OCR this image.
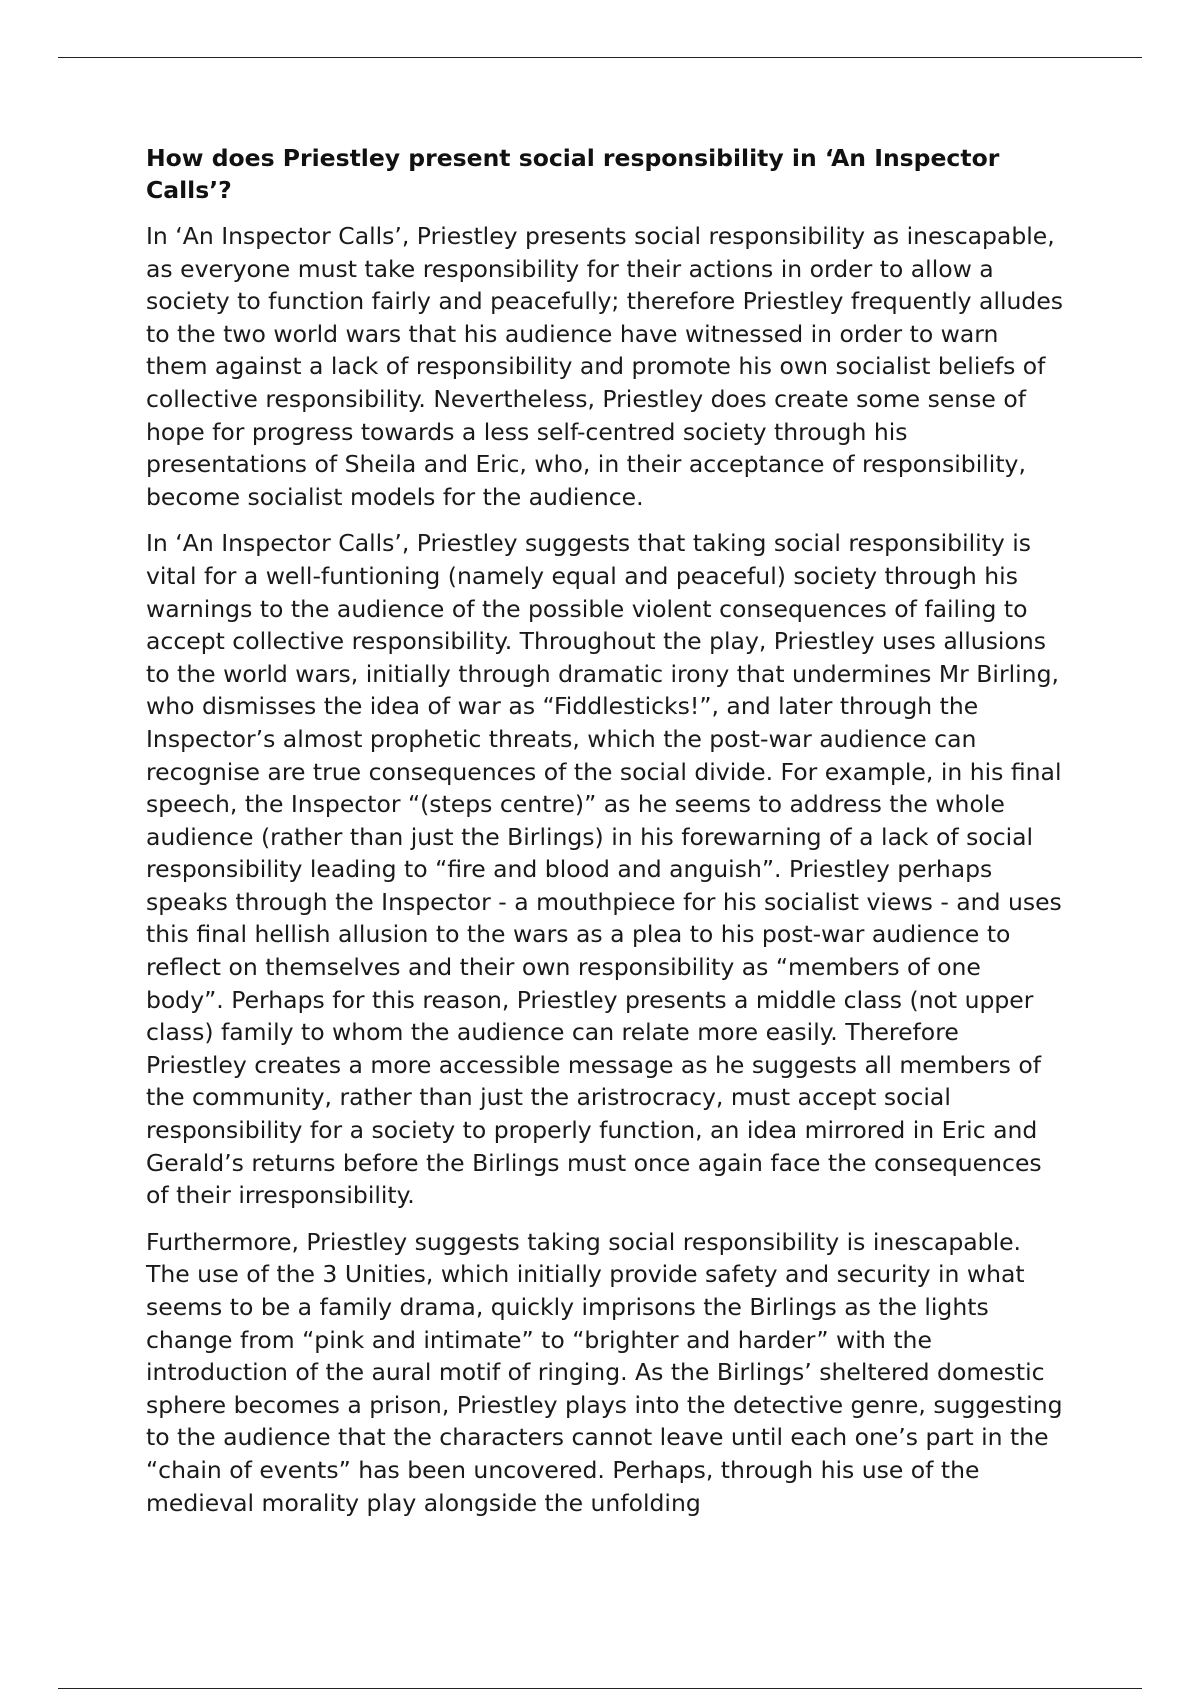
How does Priestley present social responsibility in ‘An Inspector Calls’?

In ‘An Inspector Calls’, Priestley presents social responsibility as inescapable, as everyone must take responsibility for their actions in order to allow a society to function fairly and peacefully; therefore Priestley frequently alludes to the two world wars that his audience have witnessed in order to warn them against a lack of responsibility and promote his own socialist beliefs of collective responsibility. Nevertheless, Priestley does create some sense of hope for progress towards a less self-centred society through his presentations of Sheila and Eric, who, in their acceptance of responsibility, become socialist models for the audience.

In ‘An Inspector Calls’, Priestley suggests that taking social responsibility is vital for a well-funtioning (namely equal and peaceful) society through his warnings to the audience of the possible violent consequences of failing to accept collective responsibility. Throughout the play, Priestley uses allusions to the world wars, initially through dramatic irony that undermines Mr Birling, who dismisses the idea of war as “Fiddlesticks!”, and later through the Inspector’s almost prophetic threats, which the post-war audience can recognise are true consequences of the social divide. For example, in his final speech, the Inspector “(steps centre)” as he seems to address the whole audience (rather than just the Birlings) in his forewarning of a lack of social responsibility leading to “fire and blood and anguish”. Priestley perhaps speaks through the Inspector - a mouthpiece for his socialist views - and uses this final hellish allusion to the wars as a plea to his post-war audience to reflect on themselves and their own responsibility as “members of one body”. Perhaps for this reason, Priestley presents a middle class (not upper class) family to whom the audience can relate more easily. Therefore Priestley creates a more accessible message as he suggests all members of the community, rather than just the aristrocracy, must accept social responsibility for a society to properly function, an idea mirrored in Eric and Gerald’s returns before the Birlings must once again face the consequences of their irresponsibility.

Furthermore, Priestley suggests taking social responsibility is inescapable. The use of the 3 Unities, which initially provide safety and security in what seems to be a family drama, quickly imprisons the Birlings as the lights change from “pink and intimate” to “brighter and harder” with the introduction of the aural motif of ringing. As the Birlings’ sheltered domestic sphere becomes a prison, Priestley plays into the detective genre, suggesting to the audience that the characters cannot leave until each one’s part in the “chain of events” has been uncovered. Perhaps, through his use of the medieval morality play alongside the unfolding
